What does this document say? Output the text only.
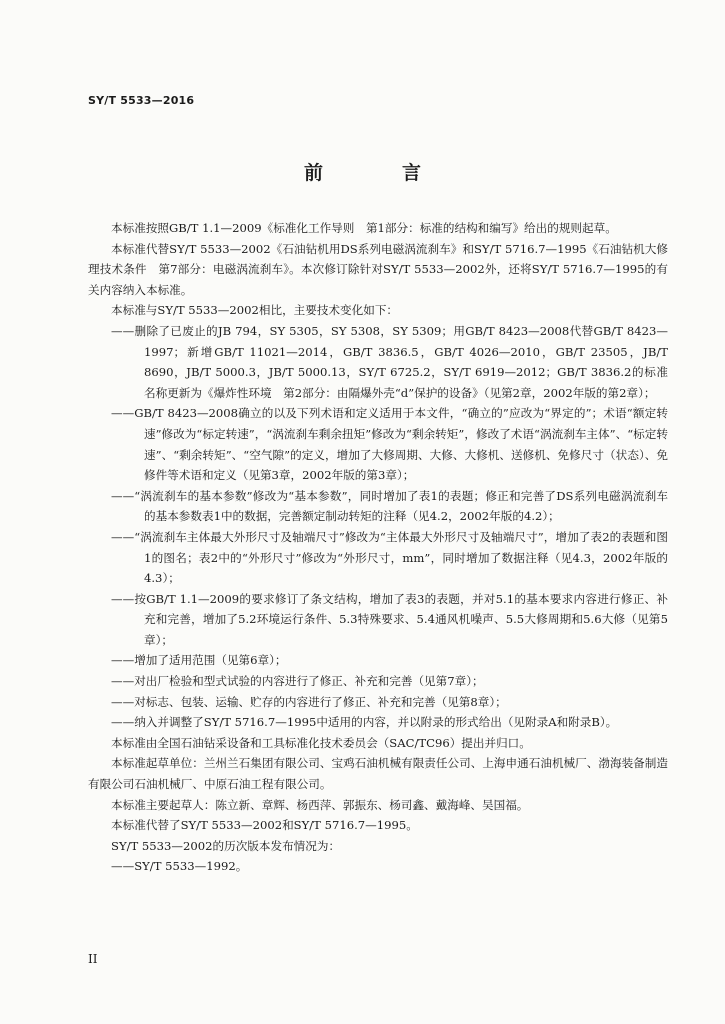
SY/T 5533—2016
前　言
本标准按照GB/T 1.1—2009《标准化工作导则　第1部分：标准的结构和编写》给出的规则起草。
本标准代替SY/T 5533—2002《石油钻机用DS系列电磁涡流刹车》和SY/T 5716.7—1995《石油钻机大修理技术条件　第7部分：电磁涡流刹车》。本次修订除针对SY/T 5533—2002外，还将SY/T 5716.7—1995的有关内容纳入本标准。
本标准与SY/T 5533—2002相比，主要技术变化如下：
——删除了已废止的JB 794，SY 5305，SY 5308，SY 5309；用GB/T 8423—2008代替GB/T 8423—1997；新增GB/T 11021—2014，GB/T 3836.5，GB/T 4026—2010，GB/T 23505，JB/T 8690，JB/T 5000.3，JB/T 5000.13，SY/T 6725.2，SY/T 6919—2012；GB/T 3836.2的标准名称更新为《爆炸性环境　第2部分：由隔爆外壳“d”保护的设备》（见第2章，2002年版的第2章）；
——GB/T 8423—2008确立的以及下列术语和定义适用于本文件，“确立的”应改为“界定的”；术语“额定转速”修改为“标定转速”，“涡流刹车剩余扭矩”修改为“剩余转矩”，修改了术语“涡流刹车主体”、“标定转速”、“剩余转矩”、“空气隙”的定义，增加了大修周期、大修、大修机、送修机、免修尺寸（状态）、免修件等术语和定义（见第3章，2002年版的第3章）；
——“涡流刹车的基本参数”修改为“基本参数”，同时增加了表1的表题；修正和完善了DS系列电磁涡流刹车的基本参数表1中的数据，完善额定制动转矩的注释（见4.2，2002年版的4.2）；
——“涡流刹车主体最大外形尺寸及轴端尺寸”修改为“主体最大外形尺寸及轴端尺寸”，增加了表2的表题和图1的图名；表2中的“外形尺寸”修改为“外形尺寸，mm”，同时增加了数据注释（见4.3，2002年版的4.3）；
——按GB/T 1.1—2009的要求修订了条文结构，增加了表3的表题，并对5.1的基本要求内容进行修正、补充和完善，增加了5.2环境运行条件、5.3特殊要求、5.4通风机噪声、5.5大修周期和5.6大修（见第5章）；
——增加了适用范围（见第6章）；
——对出厂检验和型式试验的内容进行了修正、补充和完善（见第7章）；
——对标志、包装、运输、贮存的内容进行了修正、补充和完善（见第8章）；
——纳入并调整了SY/T 5716.7—1995中适用的内容，并以附录的形式给出（见附录A和附录B）。
本标准由全国石油钻采设备和工具标准化技术委员会（SAC/TC96）提出并归口。
本标准起草单位：兰州兰石集团有限公司、宝鸡石油机械有限责任公司、上海申通石油机械厂、渤海装备制造有限公司石油机械厂、中原石油工程有限公司。
本标准主要起草人：陈立新、章辉、杨西萍、郭振东、杨司鑫、戴海峰、吴国福。
本标准代替了SY/T 5533—2002和SY/T 5716.7—1995。
SY/T 5533—2002的历次版本发布情况为：
——SY/T 5533—1992。
II
